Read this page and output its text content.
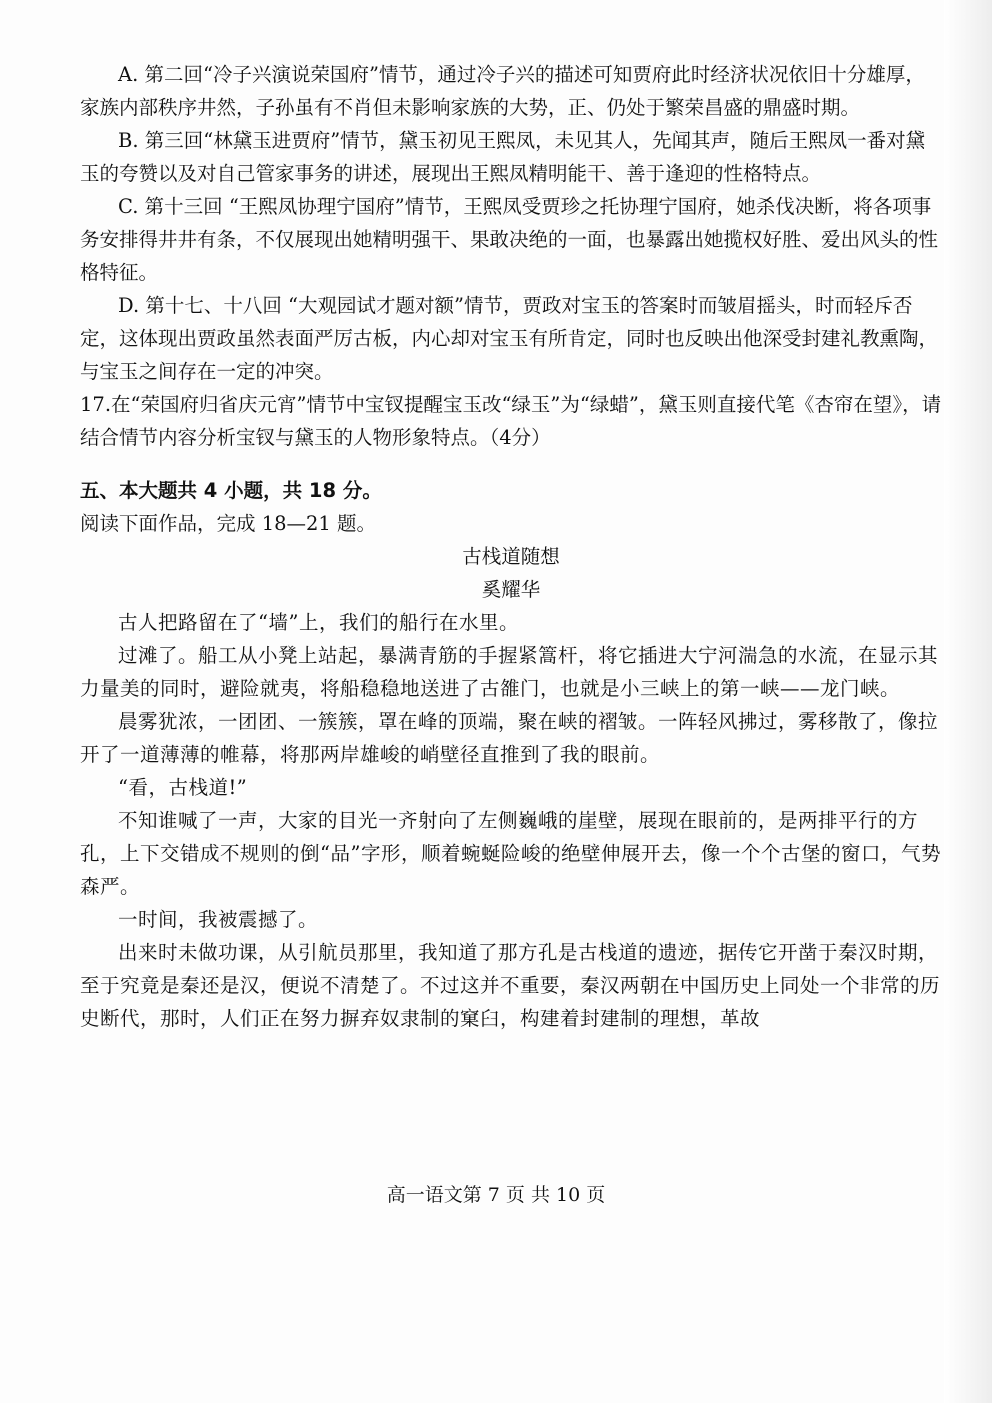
A. 第二回“冷子兴演说荣国府”情节，通过冷子兴的描述可知贾府此时经济状况依旧十分雄厚，家族内部秩序井然，子孙虽有不肖但未影响家族的大势，正、仍处于繁荣昌盛的鼎盛时期。

B. 第三回“林黛玉进贾府”情节，黛玉初见王熙凤，未见其人，先闻其声，随后王熙凤一番对黛玉的夸赞以及对自己管家事务的讲述，展现出王熙凤精明能干、善于逢迎的性格特点。

C. 第十三回 “王熙凤协理宁国府”情节，王熙凤受贾珍之托协理宁国府，她杀伐决断，将各项事务安排得井井有条，不仅展现出她精明强干、果敢决绝的一面，也暴露出她揽权好胜、爱出风头的性格特征。

D. 第十七、十八回 “大观园试才题对额”情节，贾政对宝玉的答案时而皱眉摇头，时而轻斥否定，这体现出贾政虽然表面严厉古板，内心却对宝玉有所肯定，同时也反映出他深受封建礼教熏陶，与宝玉之间存在一定的冲突。

17.在“荣国府归省庆元宵”情节中宝钗提醒宝玉改“绿玉”为“绿蜡”，黛玉则直接代笔《杏帘在望》，请结合情节内容分析宝钗与黛玉的人物形象特点。（4分）

五、本大题共 4 小题，共 18 分。

阅读下面作品，完成 18—21 题。

古栈道随想

奚耀华

古人把路留在了“墙”上，我们的船行在水里。

过滩了。船工从小凳上站起，暴满青筋的手握紧篙杆，将它插进大宁河湍急的水流，在显示其力量美的同时，避险就夷，将船稳稳地送进了古雒门，也就是小三峡上的第一峡——龙门峡。

晨雾犹浓，一团团、一簇簇，罩在峰的顶端，聚在峡的褶皱。一阵轻风拂过，雾移散了，像拉开了一道薄薄的帷幕，将那两岸雄峻的峭壁径直推到了我的眼前。

“看，古栈道!”

不知谁喊了一声，大家的目光一齐射向了左侧巍峨的崖壁，展现在眼前的，是两排平行的方孔，上下交错成不规则的倒“品”字形，顺着蜿蜒险峻的绝壁伸展开去，像一个个古堡的窗口，气势森严。

一时间，我被震撼了。

出来时未做功课，从引航员那里，我知道了那方孔是古栈道的遗迹，据传它开凿于秦汉时期，至于究竟是秦还是汉，便说不清楚了。不过这并不重要，秦汉两朝在中国历史上同处一个非常的历史断代，那时，人们正在努力摒弃奴隶制的窠臼，构建着封建制的理想，革故

高一语文第 7 页 共 10 页
